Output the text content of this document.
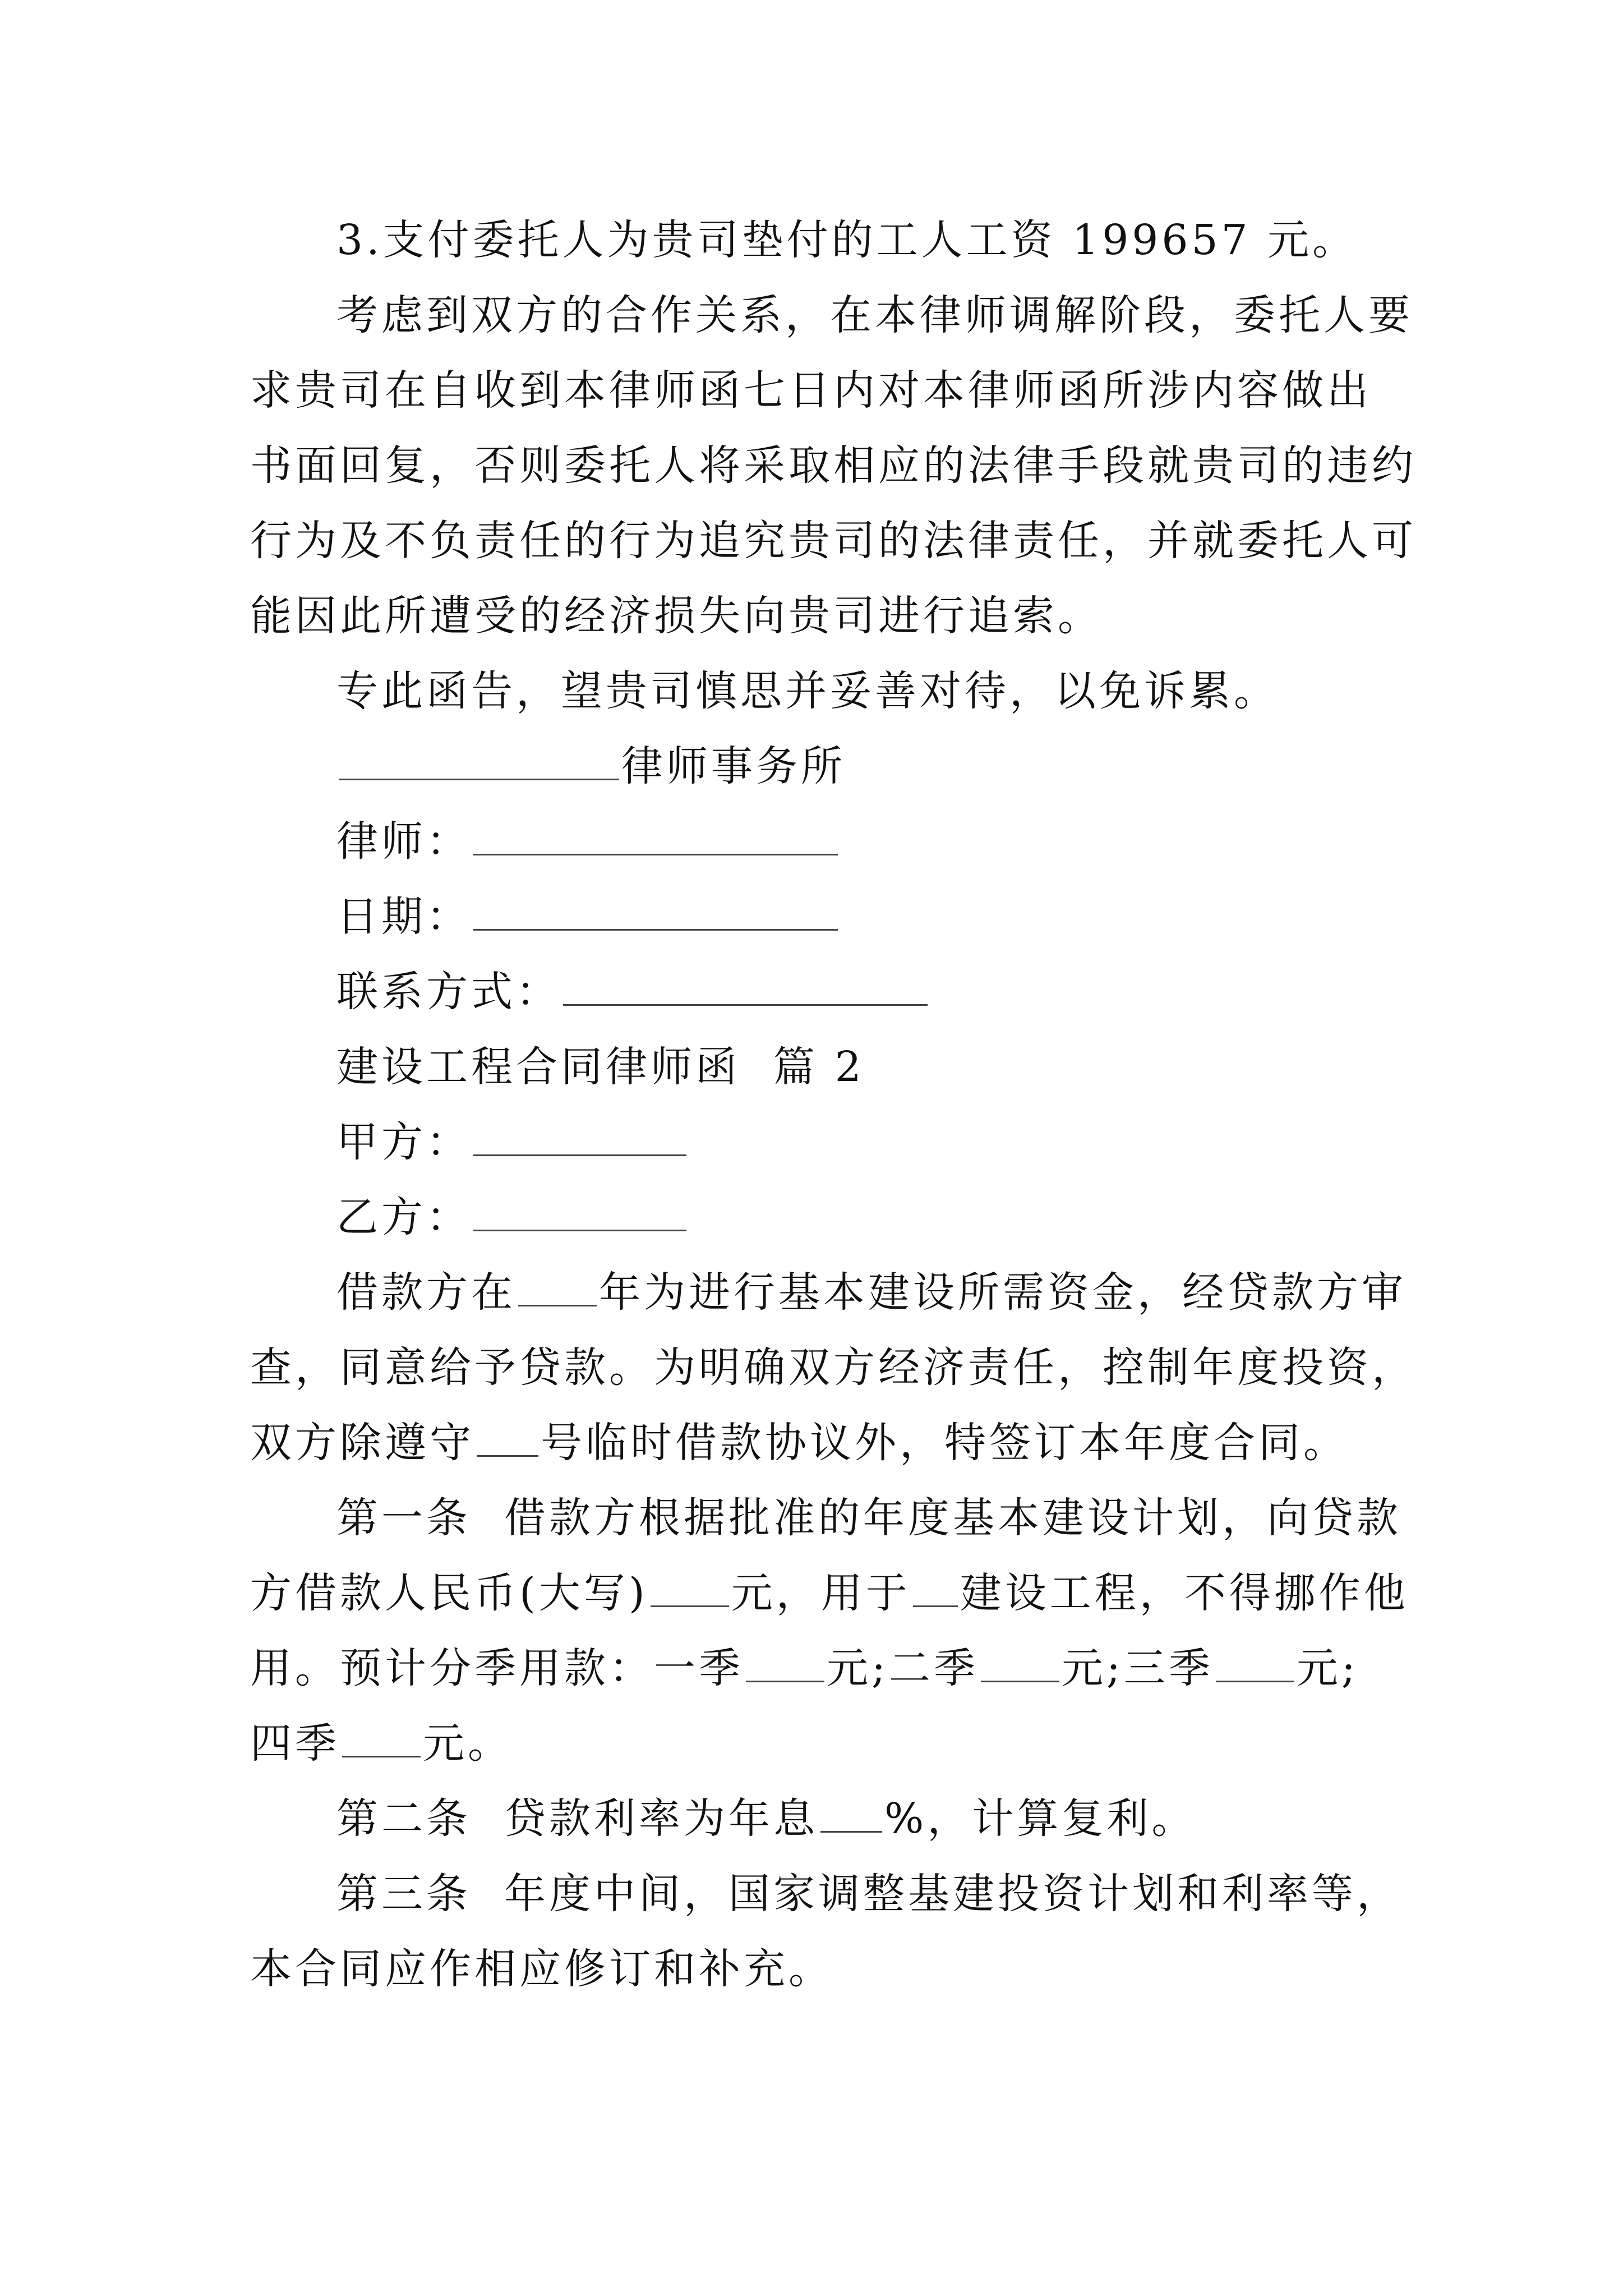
3.支付委托人为贵司垫付的工人工资 199657 元。
考虑到双方的合作关系，在本律师调解阶段，委托人要
求贵司在自收到本律师函七日内对本律师函所涉内容做出
书面回复，否则委托人将采取相应的法律手段就贵司的违约
行为及不负责任的行为追究贵司的法律责任，并就委托人可
能因此所遭受的经济损失向贵司进行追索。
专此函告，望贵司慎思并妥善对待，以免诉累。
律师事务所
律师：
日期：
联系方式：
建设工程合同律师函  篇 2
甲方：
乙方：
借款方在 年为进行基本建设所需资金，经贷款方审
查，同意给予贷款。为明确双方经济责任，控制年度投资，
双方除遵守 号临时借款协议外，特签订本年度合同。
第一条  借款方根据批准的年度基本建设计划，向贷款
方借款人民币(大写) 元，用于 建设工程，不得挪作他
用。预计分季用款：一季 元;二季 元;三季 元;
四季 元。
第二条  贷款利率为年息 %，计算复利。
第三条  年度中间，国家调整基建投资计划和利率等，
本合同应作相应修订和补充。
